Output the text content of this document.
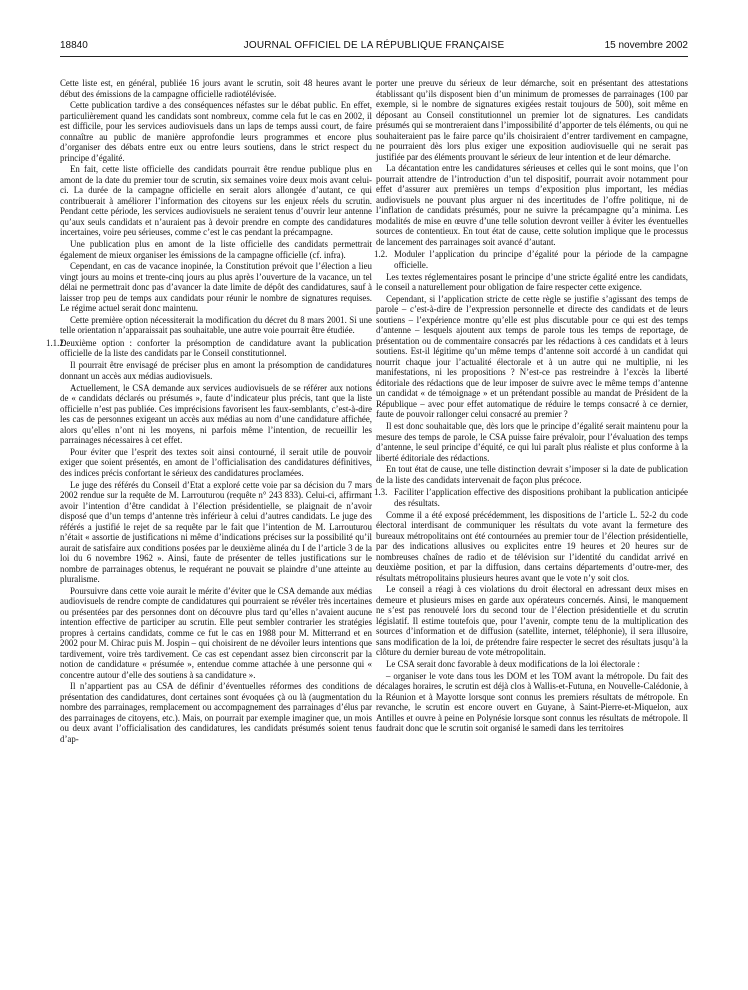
18840	JOURNAL OFFICIEL DE LA RÉPUBLIQUE FRANÇAISE	15 novembre 2002

Cette liste est, en général, publiée 16 jours avant le scrutin, soit 48 heures avant le début des émissions de la campagne officielle radiotélévisée.

Cette publication tardive a des conséquences néfastes sur le débat public. En effet, particulièrement quand les candidats sont nombreux, comme cela fut le cas en 2002, il est difficile, pour les services audiovisuels dans un laps de temps aussi court, de faire connaître au public de manière approfondie leurs programmes et encore plus d’organiser des débats entre eux ou entre leurs soutiens, dans le strict respect du principe d’égalité.

En fait, cette liste officielle des candidats pourrait être rendue publique plus en amont de la date du premier tour de scrutin, six semaines voire deux mois avant celui-ci. La durée de la campagne officielle en serait alors allongée d’autant, ce qui contribuerait à améliorer l’information des citoyens sur les enjeux réels du scrutin. Pendant cette période, les services audiovisuels ne seraient tenus d’ouvrir leur antenne qu’aux seuls candidats et n’auraient pas à devoir prendre en compte des candidatures incertaines, voire peu sérieuses, comme c’est le cas pendant la précampagne.

Une publication plus en amont de la liste officielle des candidats permettrait également de mieux organiser les émissions de la campagne officielle (cf. infra).

Cependant, en cas de vacance inopinée, la Constitution prévoit que l’élection a lieu vingt jours au moins et trente-cinq jours au plus après l’ouverture de la vacance, un tel délai ne permettrait donc pas d’avancer la date limite de dépôt des candidatures, sauf à laisser trop peu de temps aux candidats pour réunir le nombre de signatures requises. Le régime actuel serait donc maintenu.

Cette première option nécessiterait la modification du décret du 8 mars 2001. Si une telle orientation n’apparaissait pas souhaitable, une autre voie pourrait être étudiée.

1.1.2.
Deuxième option : conforter la présomption de candidature avant la publication officielle de la liste des candidats par le Conseil constitutionnel.

Il pourrait être envisagé de préciser plus en amont la présomption de candidatures donnant un accès aux médias audiovisuels.

Actuellement, le CSA demande aux services audiovisuels de se référer aux notions de « candidats déclarés ou présumés », faute d’indicateur plus précis, tant que la liste officielle n’est pas publiée. Ces imprécisions favorisent les faux-semblants, c’est-à-dire les cas de personnes exigeant un accès aux médias au nom d’une candidature affichée, alors qu’elles n’ont ni les moyens, ni parfois même l’intention, de recueillir les parrainages nécessaires à cet effet.

Pour éviter que l’esprit des textes soit ainsi contourné, il serait utile de pouvoir exiger que soient présentés, en amont de l’officialisation des candidatures définitives, des indices précis confortant le sérieux des candidatures proclamées.

Le juge des référés du Conseil d’Etat a exploré cette voie par sa décision du 7 mars 2002 rendue sur la requête de M. Larrouturou (requête n° 243 833). Celui-ci, affirmant avoir l’intention d’être candidat à l’élection présidentielle, se plaignait de n’avoir disposé que d’un temps d’antenne très inférieur à celui d’autres candidats. Le juge des référés a justifié le rejet de sa requête par le fait que l’intention de M. Larrouturou n’était « assortie de justifications ni même d’indications précises sur la possibilité qu’il aurait de satisfaire aux conditions posées par le deuxième alinéa du I de l’article 3 de la loi du 6 novembre 1962 ». Ainsi, faute de présenter de telles justifications sur le nombre de parrainages obtenus, le requérant ne pouvait se plaindre d’une atteinte au pluralisme.

Poursuivre dans cette voie aurait le mérite d’éviter que le CSA demande aux médias audiovisuels de rendre compte de candidatures qui pourraient se révéler très incertaines ou présentées par des personnes dont on découvre plus tard qu’elles n’avaient aucune intention effective de participer au scrutin. Elle peut sembler contrarier les stratégies propres à certains candidats, comme ce fut le cas en 1988 pour M. Mitterrand et en 2002 pour M. Chirac puis M. Jospin – qui choisirent de ne dévoiler leurs intentions que tardivement, voire très tardivement. Ce cas est cependant assez bien circonscrit par la notion de candidature « présumée », entendue comme attachée à une personne qui « concentre autour d’elle des soutiens à sa candidature ».

Il n’appartient pas au CSA de définir d’éventuelles réformes des conditions de présentation des candidatures, dont certaines sont évoquées çà ou là (augmentation du nombre des parrainages, remplacement ou accompagnement des parrainages d’élus par des parrainages de citoyens, etc.). Mais, on pourrait par exemple imaginer que, un mois ou deux avant l’officialisation des candidatures, les candidats présumés soient tenus d’ap-

porter une preuve du sérieux de leur démarche, soit en présentant des attestations établissant qu’ils disposent bien d’un minimum de promesses de parrainages (100 par exemple, si le nombre de signatures exigées restait toujours de 500), soit même en déposant au Conseil constitutionnel un premier lot de signatures. Les candidats présumés qui se montreraient dans l’impossibilité d’apporter de tels éléments, ou qui ne souhaiteraient pas le faire parce qu’ils choisiraient d’entrer tardivement en campagne, ne pourraient dès lors plus exiger une exposition audiovisuelle qui ne serait pas justifiée par des éléments prouvant le sérieux de leur intention et de leur démarche.

La décantation entre les candidatures sérieuses et celles qui le sont moins, que l’on pourrait attendre de l’introduction d’un tel dispositif, pourrait avoir notamment pour effet d’assurer aux premières un temps d’exposition plus important, les médias audiovisuels ne pouvant plus arguer ni des incertitudes de l’offre politique, ni de l’inflation de candidats présumés, pour ne suivre la précampagne qu’a minima. Les modalités de mise en œuvre d’une telle solution devront veiller à éviter les éventuelles sources de contentieux. En tout état de cause, cette solution implique que le processus de lancement des parrainages soit avancé d’autant.

1.2. Moduler l’application du principe d’égalité pour la période de la campagne officielle.

Les textes réglementaires posant le principe d’une stricte égalité entre les candidats, le conseil a naturellement pour obligation de faire respecter cette exigence.

Cependant, si l’application stricte de cette règle se justifie s’agissant des temps de parole – c’est-à-dire de l’expression personnelle et directe des candidats et de leurs soutiens – l’expérience montre qu’elle est plus discutable pour ce qui est des temps d’antenne – lesquels ajoutent aux temps de parole tous les temps de reportage, de présentation ou de commentaire consacrés par les rédactions à ces candidats et à leurs soutiens. Est-il légitime qu’un même temps d’antenne soit accordé à un candidat qui nourrit chaque jour l’actualité électorale et à un autre qui ne multiplie, ni les manifestations, ni les propositions ? N’est-ce pas restreindre à l’excès la liberté éditoriale des rédactions que de leur imposer de suivre avec le même temps d’antenne un candidat « de témoignage » et un prétendant possible au mandat de Président de la République – avec pour effet automatique de réduire le temps consacré à ce dernier, faute de pouvoir rallonger celui consacré au premier ?

Il est donc souhaitable que, dès lors que le principe d’égalité serait maintenu pour la mesure des temps de parole, le CSA puisse faire prévaloir, pour l’évaluation des temps d’antenne, le seul principe d’équité, ce qui lui paraît plus réaliste et plus conforme à la liberté éditoriale des rédactions.

En tout état de cause, une telle distinction devrait s’imposer si la date de publication de la liste des candidats intervenait de façon plus précoce.

1.3. Faciliter l’application effective des dispositions prohibant la publication anticipée des résultats.

Comme il a été exposé précédemment, les dispositions de l’article L. 52-2 du code électoral interdisant de communiquer les résultats du vote avant la fermeture des bureaux métropolitains ont été contournées au premier tour de l’élection présidentielle, par des indications allusives ou explicites entre 19 heures et 20 heures sur de nombreuses chaînes de radio et de télévision sur l’identité du candidat arrivé en deuxième position, et par la diffusion, dans certains départements d’outre-mer, des résultats métropolitains plusieurs heures avant que le vote n’y soit clos.

Le conseil a réagi à ces violations du droit électoral en adressant deux mises en demeure et plusieurs mises en garde aux opérateurs concernés. Ainsi, le manquement ne s’est pas renouvelé lors du second tour de l’élection présidentielle et du scrutin législatif. Il estime toutefois que, pour l’avenir, compte tenu de la multiplication des sources d’information et de diffusion (satellite, internet, téléphonie), il sera illusoire, sans modification de la loi, de prétendre faire respecter le secret des résultats jusqu’à la clôture du dernier bureau de vote métropolitain.

Le CSA serait donc favorable à deux modifications de la loi électorale :

– organiser le vote dans tous les DOM et les TOM avant la métropole. Du fait des décalages horaires, le scrutin est déjà clos à Wallis-et-Futuna, en Nouvelle-Calédonie, à la Réunion et à Mayotte lorsque sont connus les premiers résultats de métropole. En revanche, le scrutin est encore ouvert en Guyane, à Saint-Pierre-et-Miquelon, aux Antilles et ouvre à peine en Polynésie lorsque sont connus les résultats de métropole. Il faudrait donc que le scrutin soit organisé le samedi dans les territoires
